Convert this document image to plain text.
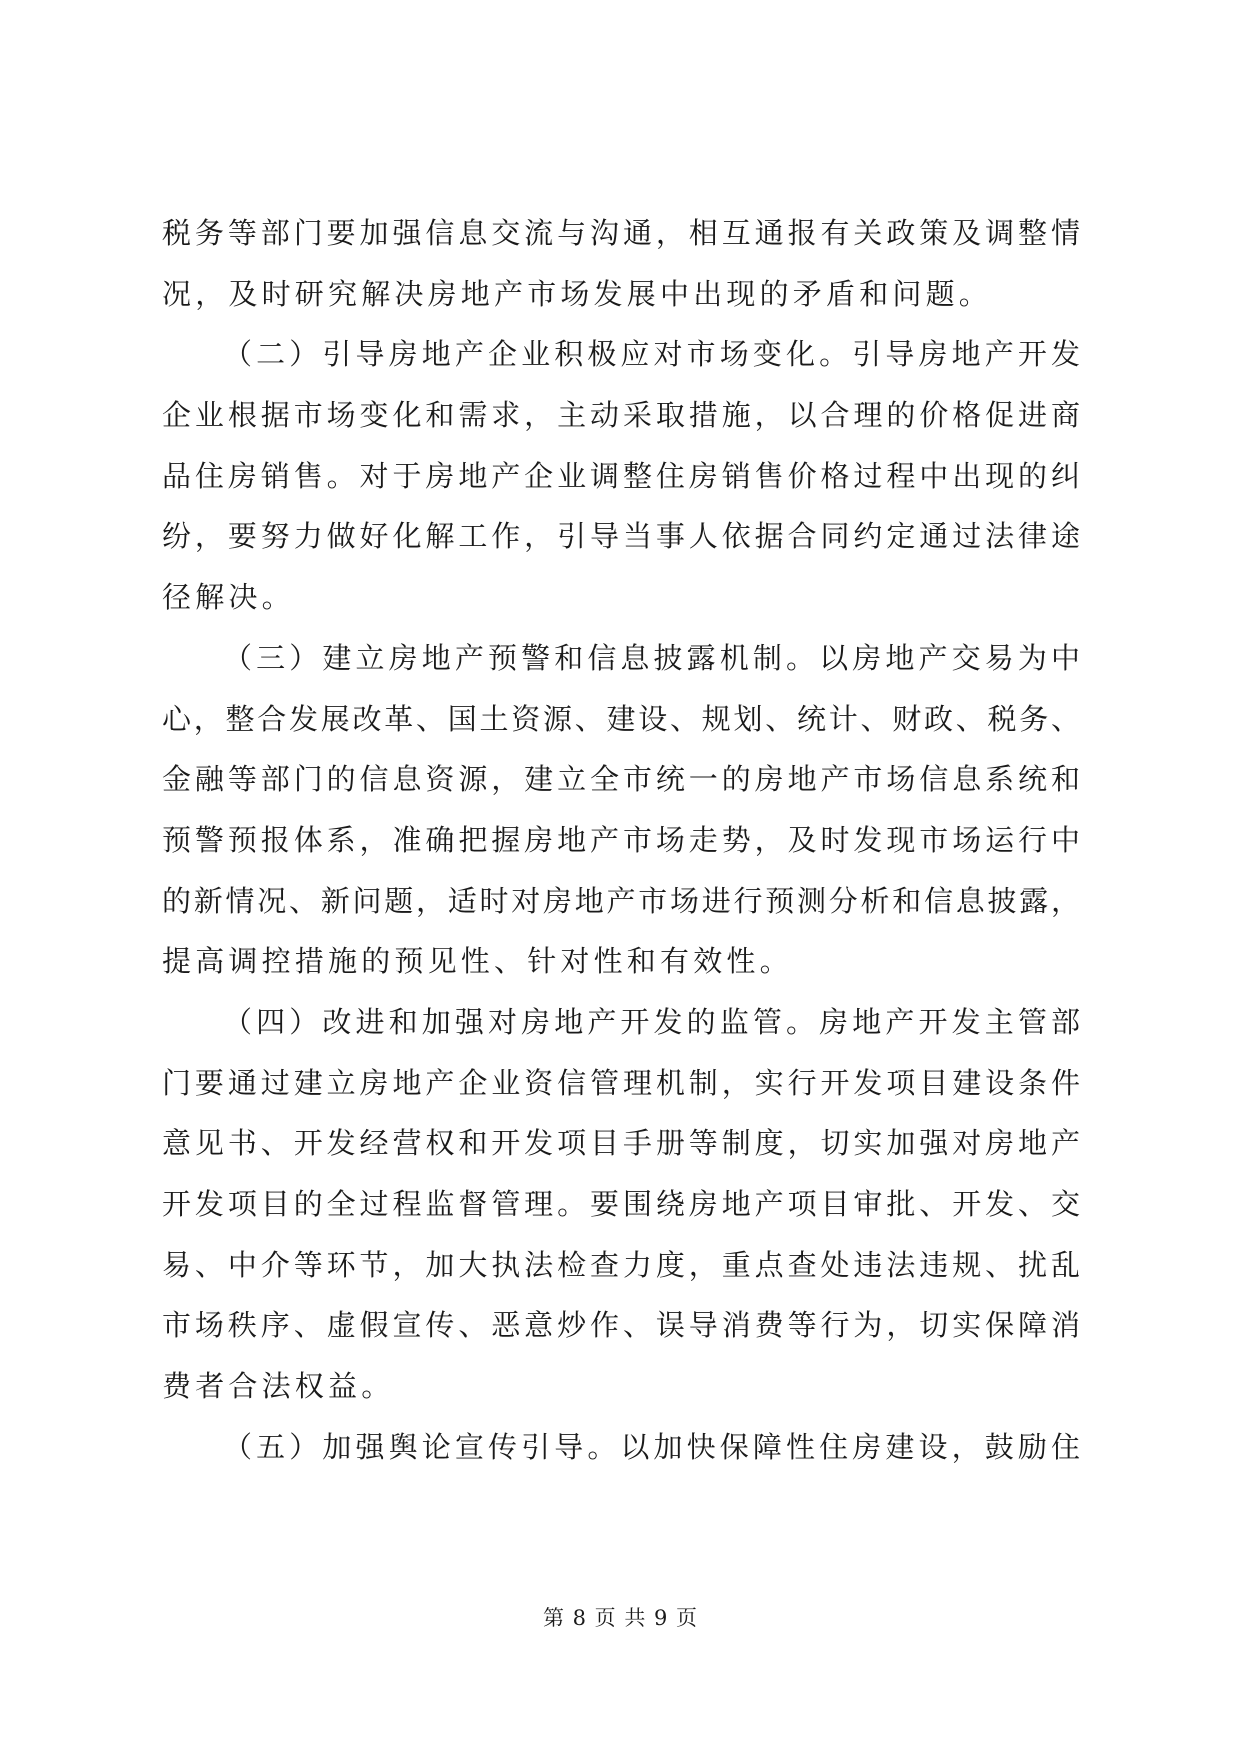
税务等部门要加强信息交流与沟通，相互通报有关政策及调整情
况，及时研究解决房地产市场发展中出现的矛盾和问题。
（二）引导房地产企业积极应对市场变化。引导房地产开发
企业根据市场变化和需求，主动采取措施，以合理的价格促进商
品住房销售。对于房地产企业调整住房销售价格过程中出现的纠
纷，要努力做好化解工作，引导当事人依据合同约定通过法律途
径解决。
（三）建立房地产预警和信息披露机制。以房地产交易为中
心，整合发展改革、国土资源、建设、规划、统计、财政、税务、
金融等部门的信息资源，建立全市统一的房地产市场信息系统和
预警预报体系，准确把握房地产市场走势，及时发现市场运行中
的新情况、新问题，适时对房地产市场进行预测分析和信息披露，
提高调控措施的预见性、针对性和有效性。
（四）改进和加强对房地产开发的监管。房地产开发主管部
门要通过建立房地产企业资信管理机制，实行开发项目建设条件
意见书、开发经营权和开发项目手册等制度，切实加强对房地产
开发项目的全过程监督管理。要围绕房地产项目审批、开发、交
易、中介等环节，加大执法检查力度，重点查处违法违规、扰乱
市场秩序、虚假宣传、恶意炒作、误导消费等行为，切实保障消
费者合法权益。
（五）加强舆论宣传引导。以加快保障性住房建设，鼓励住
第 8 页 共 9 页
